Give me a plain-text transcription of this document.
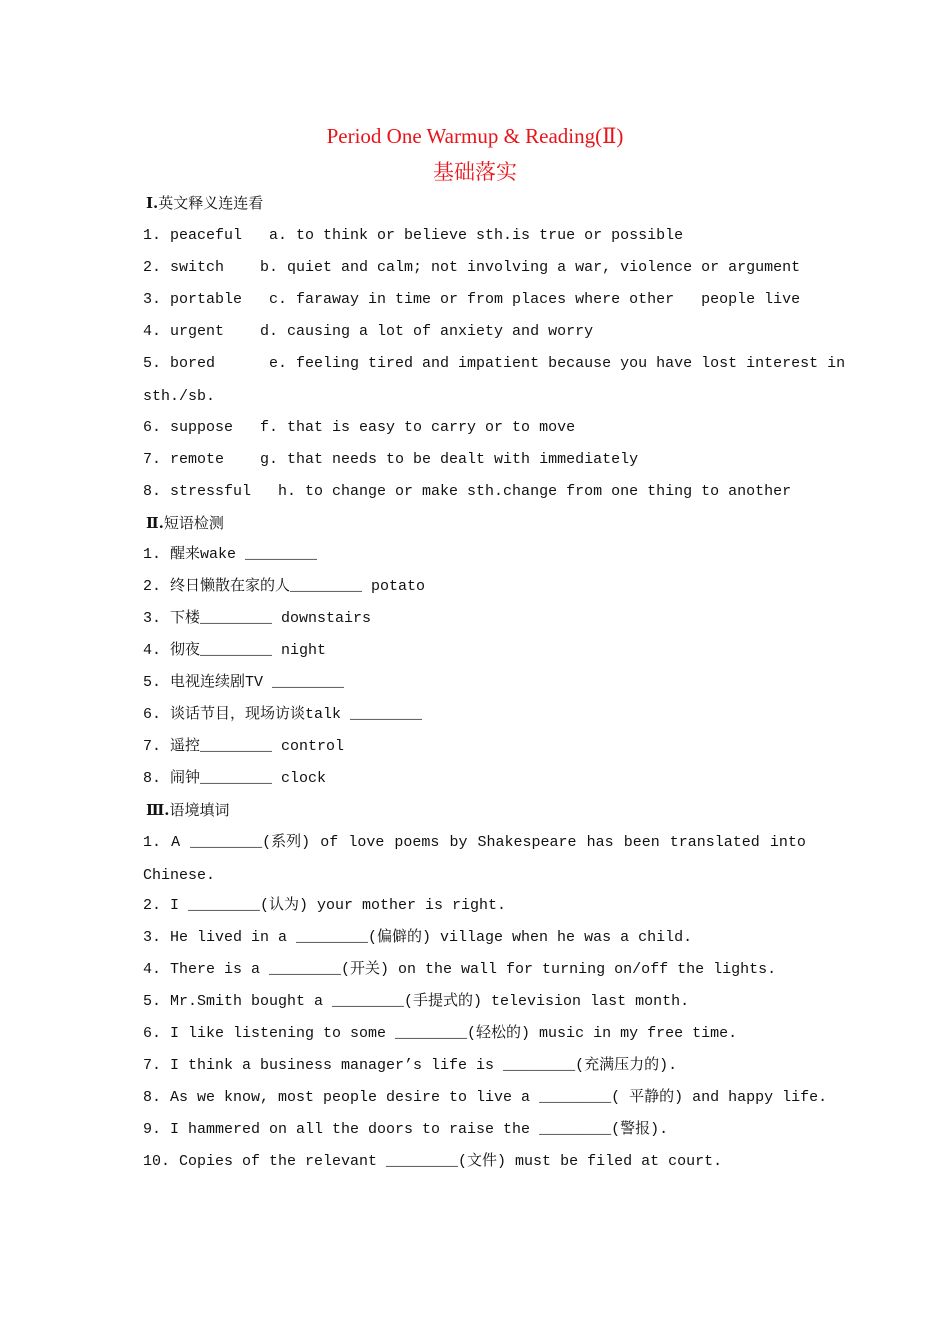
Period One Warmup & Reading(Ⅱ)
基础落实
Ⅰ.英文释义连连看
1. peaceful   a. to think or believe sth.is true or possible
2. switch    b. quiet and calm; not involving a war, violence or argument
3. portable   c. faraway in time or from places where other   people live
4. urgent    d. causing a lot of anxiety and worry
5. bored      e. feeling tired and impatient because you have lost interest in
sth./sb.
6. suppose   f. that is easy to carry or to move
7. remote    g. that needs to be dealt with immediately
8. stressful   h. to change or make sth.change from one thing to another
Ⅱ.短语检测
1. 醒来wake ________
2. 终日懒散在家的人________ potato
3. 下楼________ downstairs
4. 彻夜________ night
5. 电视连续剧TV ________
6. 谈话节目，现场访谈talk ________
7. 遥控________ control
8. 闹钟________ clock
Ⅲ.语境填词
1. A ________(系列) of love poems by Shakespeare has been translated into
Chinese.
2. I ________(认为) your mother is right.
3. He lived in a ________(偏僻的) village when he was a child.
4. There is a ________(开关) on the wall for turning on/off the lights.
5. Mr.Smith bought a ________(手提式的) television last month.
6. I like listening to some ________(轻松的) music in my free time.
7. I think a business manager’s life is ________(充满压力的).
8. As we know, most people desire to live a ________( 平静的) and happy life.
9. I hammered on all the doors to raise the ________(警报).
10. Copies of the relevant ________(文件) must be filed at court.
